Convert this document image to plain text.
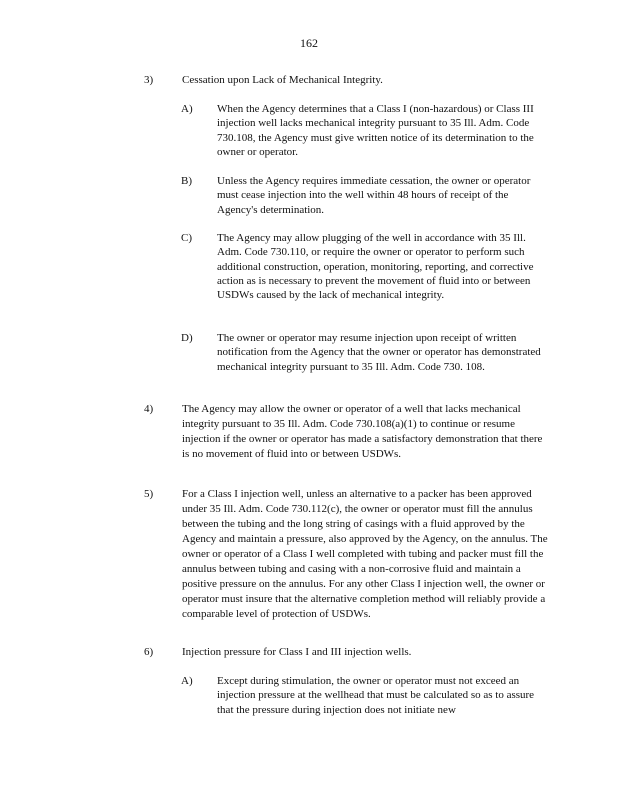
162
3)	Cessation upon Lack of Mechanical Integrity.
A)	When the Agency determines that a Class I (non-hazardous) or Class III injection well lacks mechanical integrity pursuant to 35 Ill. Adm. Code 730.108, the Agency must give written notice of its determination to the owner or operator.
B)	Unless the Agency requires immediate cessation, the owner or operator must cease injection into the well within 48 hours of receipt of the Agency's determination.
C)	The Agency may allow plugging of the well in accordance with 35 Ill. Adm. Code 730.110, or require the owner or operator to perform such additional construction, operation, monitoring, reporting, and corrective action as is necessary to prevent the movement of fluid into or between USDWs caused by the lack of mechanical integrity.
D)	The owner or operator may resume injection upon receipt of written notification from the Agency that the owner or operator has demonstrated mechanical integrity pursuant to 35 Ill. Adm. Code 730. 108.
4)	The Agency may allow the owner or operator of a well that lacks mechanical integrity pursuant to 35 Ill. Adm. Code 730.108(a)(1) to continue or resume injection if the owner or operator has made a satisfactory demonstration that there is no movement of fluid into or between USDWs.
5)	For a Class I injection well, unless an alternative to a packer has been approved under 35 Ill. Adm. Code 730.112(c), the owner or operator must fill the annulus between the tubing and the long string of casings with a fluid approved by the Agency and maintain a pressure, also approved by the Agency, on the annulus. The owner or operator of a Class I well completed with tubing and packer must fill the annulus between tubing and casing with a non-corrosive fluid and maintain a positive pressure on the annulus. For any other Class I injection well, the owner or operator must insure that the alternative completion method will reliably provide a comparable level of protection of USDWs.
6)	Injection pressure for Class I and III injection wells.
A)	Except during stimulation, the owner or operator must not exceed an injection pressure at the wellhead that must be calculated so as to assure that the pressure during injection does not initiate new
